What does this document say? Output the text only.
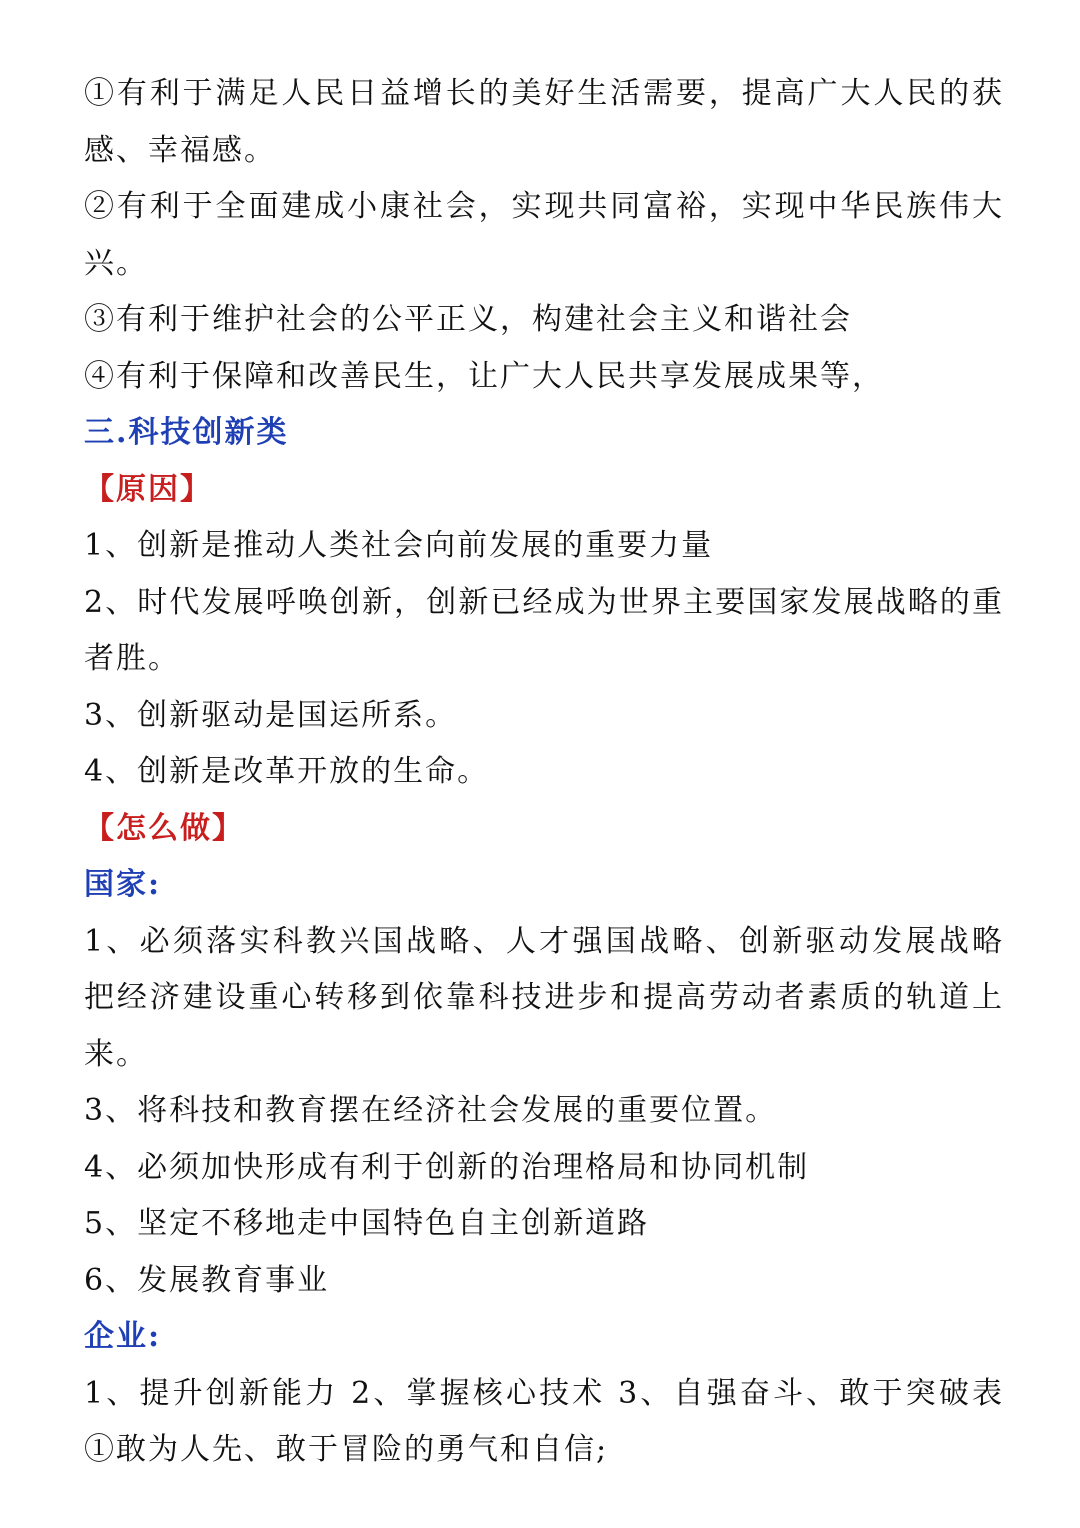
①有利于满足人民日益增长的美好生活需要，提高广大人民的获
感、幸福感。
②有利于全面建成小康社会，实现共同富裕，实现中华民族伟大
兴。
③有利于维护社会的公平正义，构建社会主义和谐社会
④有利于保障和改善民生，让广大人民共享发展成果等，
三.科技创新类
【原因】
1、创新是推动人类社会向前发展的重要力量
2、时代发展呼唤创新，创新已经成为世界主要国家发展战略的重
者胜。
3、创新驱动是国运所系。
4、创新是改革开放的生命。
【怎么做】
国家:
1、必须落实科教兴国战略、人才强国战略、创新驱动发展战略
把经济建设重心转移到依靠科技进步和提高劳动者素质的轨道上
来。
3、将科技和教育摆在经济社会发展的重要位置。
4、必须加快形成有利于创新的治理格局和协同机制
5、坚定不移地走中国特色自主创新道路
6、发展教育事业
企业:
1、提升创新能力 2、掌握核心技术 3、自强奋斗、敢于突破表
①敢为人先、敢于冒险的勇气和自信;
